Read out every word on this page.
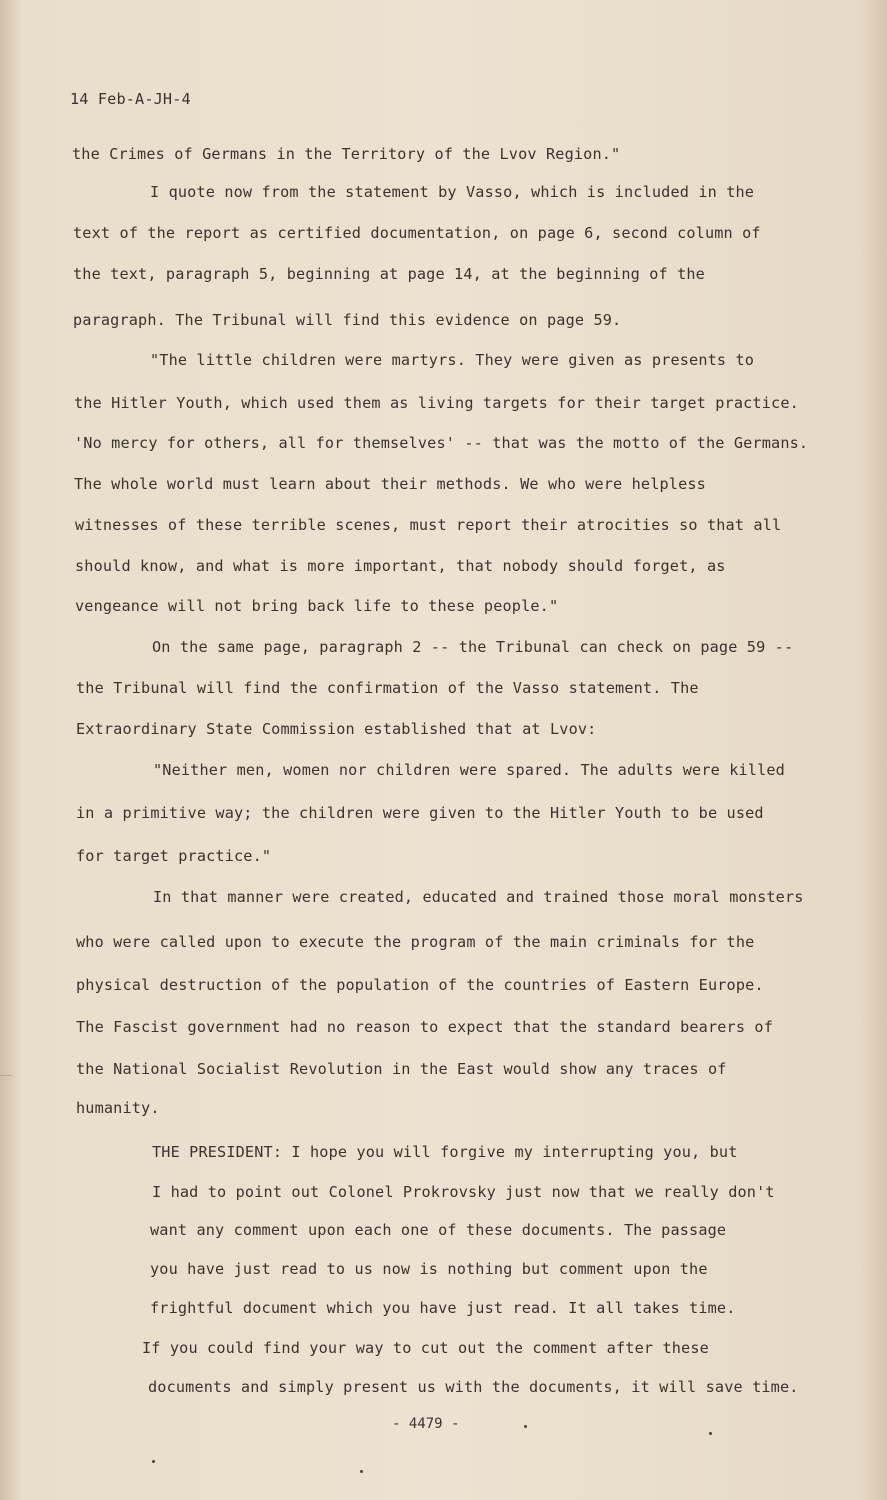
14 Feb-A-JH-4
the Crimes of Germans in the Territory of the Lvov Region."
I quote now from the statement by Vasso, which is included in the
text of the report as certified documentation, on page 6, second column of
the text, paragraph 5, beginning at page 14, at the beginning of the
paragraph. The Tribunal will find this evidence on page 59.
"The little children were martyrs. They were given as presents to
the Hitler Youth, which used them as living targets for their target practice.
'No mercy for others, all for themselves' -- that was the motto of the Germans.
The whole world must learn about their methods. We who were helpless
witnesses of these terrible scenes, must report their atrocities so that all
should know, and what is more important, that nobody should forget, as
vengeance will not bring back life to these people."
On the same page, paragraph 2 -- the Tribunal can check on page 59 --
the Tribunal will find the confirmation of the Vasso statement. The
Extraordinary State Commission established that at Lvov:
"Neither men, women nor children were spared. The adults were killed
in a primitive way; the children were given to the Hitler Youth to be used
for target practice."
In that manner were created, educated and trained those moral monsters
who were called upon to execute the program of the main criminals for the
physical destruction of the population of the countries of Eastern Europe.
The Fascist government had no reason to expect that the standard bearers of
the National Socialist Revolution in the East would show any traces of
humanity.
THE PRESIDENT: I hope you will forgive my interrupting you, but
I had to point out Colonel Prokrovsky just now that we really don't
want any comment upon each one of these documents. The passage
you have just read to us now is nothing but comment upon the
frightful document which you have just read. It all takes time.
If you could find your way to cut out the comment after these
documents and simply present us with the documents, it will save time.
- 4479 -
